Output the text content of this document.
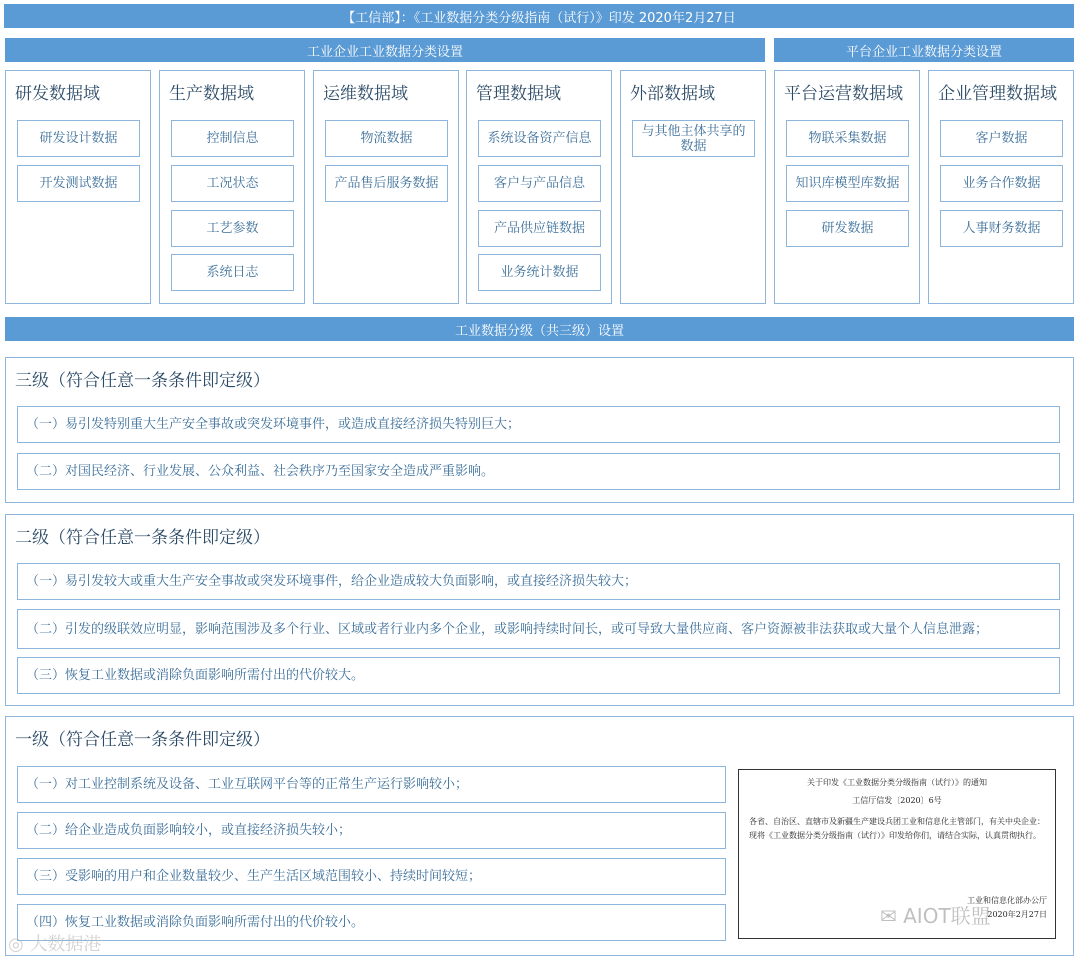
【工信部】：《工业数据分类分级指南（试行）》印发 2020年2月27日
工业企业工业数据分类设置	平台企业工业数据分类设置
研发数据域
研发设计数据
开发测试数据
生产数据域
控制信息
工况状态
工艺参数
系统日志
运维数据域
物流数据
产品售后服务数据
管理数据域
系统设备资产信息
客户与产品信息
产品供应链数据
业务统计数据
外部数据域
与其他主体共享的数据
平台运营数据域
物联采集数据
知识库模型库数据
研发数据
企业管理数据域
客户数据
业务合作数据
人事财务数据
工业数据分级（共三级）设置
三级（符合任意一条条件即定级）
（一）易引发特别重大生产安全事故或突发环境事件，或造成直接经济损失特别巨大；
（二）对国民经济、行业发展、公众利益、社会秩序乃至国家安全造成严重影响。
二级（符合任意一条条件即定级）
（一）易引发较大或重大生产安全事故或突发环境事件，给企业造成较大负面影响，或直接经济损失较大；
（二）引发的级联效应明显，影响范围涉及多个行业、区域或者行业内多个企业，或影响持续时间长，或可导致大量供应商、客户资源被非法获取或大量个人信息泄露；
（三）恢复工业数据或消除负面影响所需付出的代价较大。
一级（符合任意一条条件即定级）
（一）对工业控制系统及设备、工业互联网平台等的正常生产运行影响较小；
（二）给企业造成负面影响较小，或直接经济损失较小；
（三）受影响的用户和企业数量较少、生产生活区域范围较小、持续时间较短；
（四）恢复工业数据或消除负面影响所需付出的代价较小。
关于印发《工业数据分类分级指南（试行）》的通知
工信厅信发〔2020〕6号
各省、自治区、直辖市及新疆生产建设兵团工业和信息化主管部门，有关中央企业：现将《工业数据分类分级指南（试行）》印发给你们，请结合实际，认真贯彻执行。
工业和信息化部办公厅
2020年2月27日
✉ AIOT联盟
◎ 大数据港
